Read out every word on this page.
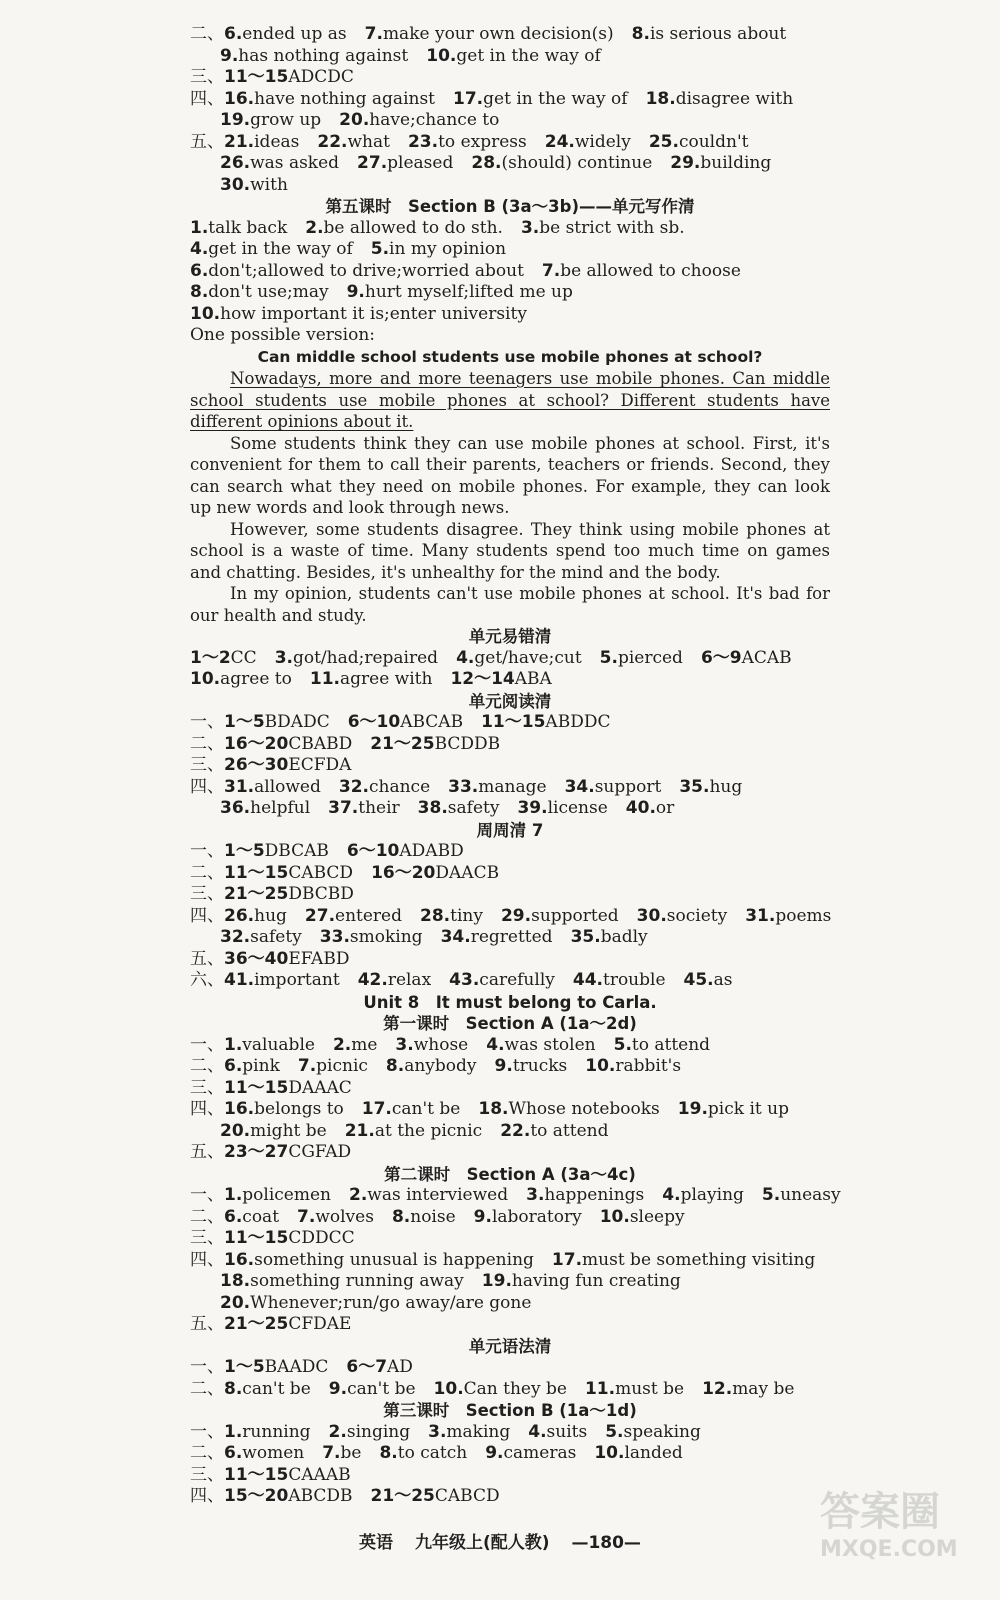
二、6.ended up as 7.make your own decision(s) 8.is serious about
9.has nothing against 10.get in the way of
三、11～15ADCDC
四、16.have nothing against 17.get in the way of 18.disagree with
19.grow up 20.have;chance to
五、21.ideas 22.what 23.to express 24.widely 25.couldn't
26.was asked 27.pleased 28.(should) continue 29.building
30.with
第五课时　Section B (3a～3b)——单元写作清
1.talk back 2.be allowed to do sth. 3.be strict with sb.
4.get in the way of 5.in my opinion
6.don't;allowed to drive;worried about 7.be allowed to choose
8.don't use;may 9.hurt myself;lifted me up
10.how important it is;enter university
One possible version:
Can middle school students use mobile phones at school?

Nowadays, more and more teenagers use mobile phones. Can middle school students use mobile phones at school? Different students have different opinions about it.

Some students think they can use mobile phones at school. First, it's convenient for them to call their parents, teachers or friends. Second, they can search what they need on mobile phones. For example, they can look up new words and look through news.

However, some students disagree. They think using mobile phones at school is a waste of time. Many students spend too much time on games and chatting. Besides, it's unhealthy for the mind and the body.

In my opinion, students can't use mobile phones at school. It's bad for our health and study.

单元易错清
1～2CC 3.got/had;repaired 4.get/have;cut 5.pierced 6～9ACAB
10.agree to 11.agree with 12～14ABA
单元阅读清
一、1～5BDADC 6～10ABCAB 11～15ABDDC
二、16～20CBABD 21～25BCDDB
三、26～30ECFDA
四、31.allowed 32.chance 33.manage 34.support 35.hug
36.helpful 37.their 38.safety 39.license 40.or
周周清 7
一、1～5DBCAB 6～10ADABD
二、11～15CABCD 16～20DAACB
三、21～25DBCBD
四、26.hug 27.entered 28.tiny 29.supported 30.society 31.poems
32.safety 33.smoking 34.regretted 35.badly
五、36～40EFABD
六、41.important 42.relax 43.carefully 44.trouble 45.as
Unit 8　It must belong to Carla.
第一课时　Section A (1a～2d)
一、1.valuable 2.me 3.whose 4.was stolen 5.to attend
二、6.pink 7.picnic 8.anybody 9.trucks 10.rabbit's
三、11～15DAAAC
四、16.belongs to 17.can't be 18.Whose notebooks 19.pick it up
20.might be 21.at the picnic 22.to attend
五、23～27CGFAD
第二课时　Section A (3a～4c)
一、1.policemen 2.was interviewed 3.happenings 4.playing 5.uneasy
二、6.coat 7.wolves 8.noise 9.laboratory 10.sleepy
三、11～15CDDCC
四、16.something unusual is happening 17.must be something visiting
18.something running away 19.having fun creating
20.Whenever;run/go away/are gone
五、21～25CFDAE
单元语法清
一、1～5BAADC 6～7AD
二、8.can't be 9.can't be 10.Can they be 11.must be 12.may be
第三课时　Section B (1a～1d)
一、1.running 2.singing 3.making 4.suits 5.speaking
二、6.women 7.be 8.to catch 9.cameras 10.landed
三、11～15CAAAB
四、15～20ABCDB 21～25CABCD
英语 九年级上(配人教) —180—
答案圈
MXQE.COM
